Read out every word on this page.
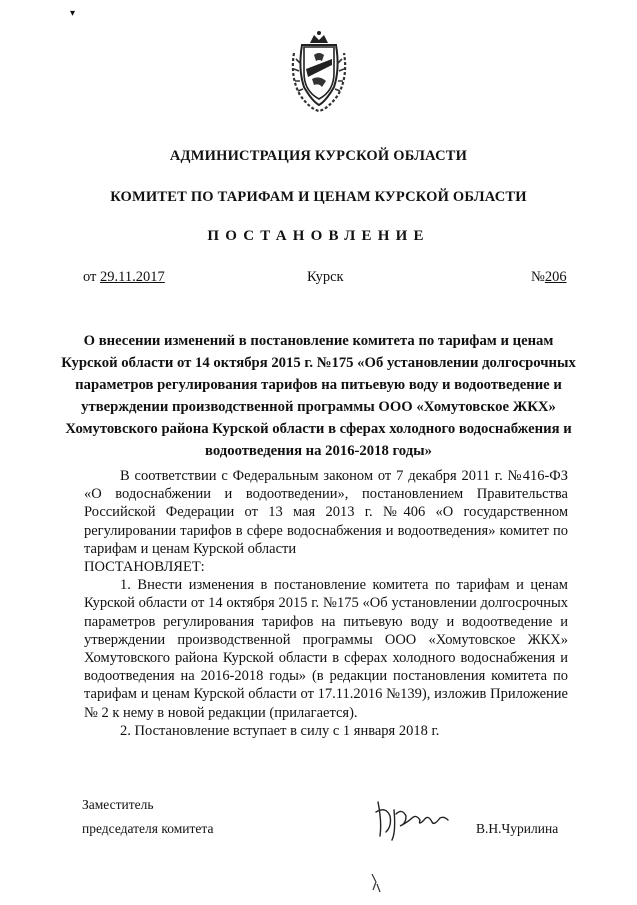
▾
АДМИНИСТРАЦИЯ КУРСКОЙ ОБЛАСТИ
КОМИТЕТ ПО ТАРИФАМ И ЦЕНАМ КУРСКОЙ ОБЛАСТИ
ПОСТАНОВЛЕНИЕ
от 29.11.2017	Курск	№206
О внесении изменений в постановление комитета по тарифам и ценам Курской области от 14 октября 2015 г. №175 «Об установлении долгосрочных параметров регулирования тарифов на питьевую воду и водоотведение и утверждении производственной программы ООО «Хомутовское ЖКХ» Хомутовского района Курской области в сферах холодного водоснабжения и водоотведения на 2016-2018 годы»

В соответствии с Федеральным законом от 7 декабря 2011 г. №416-ФЗ «О водоснабжении и водоотведении», постановлением Правительства Российской Федерации от 13 мая 2013 г. №406 «О государственном регулировании тарифов в сфере водоснабжения и водоотведения» комитет по тарифам и ценам Курской области

ПОСТАНОВЛЯЕТ:

1. Внести изменения в постановление комитета по тарифам и ценам Курской области от 14 октября 2015 г. №175 «Об установлении долгосрочных параметров регулирования тарифов на питьевую воду и водоотведение и утверждении производственной программы ООО «Хомутовское ЖКХ» Хомутовского района Курской области в сферах холодного водоснабжения и водоотведения на 2016-2018 годы» (в редакции постановления комитета по тарифам и ценам Курской области от 17.11.2016 №139), изложив Приложение № 2 к нему в новой редакции (прилагается).

2. Постановление вступает в силу с 1 января 2018 г.

Заместитель
председателя комитета	В.Н.Чурилина
